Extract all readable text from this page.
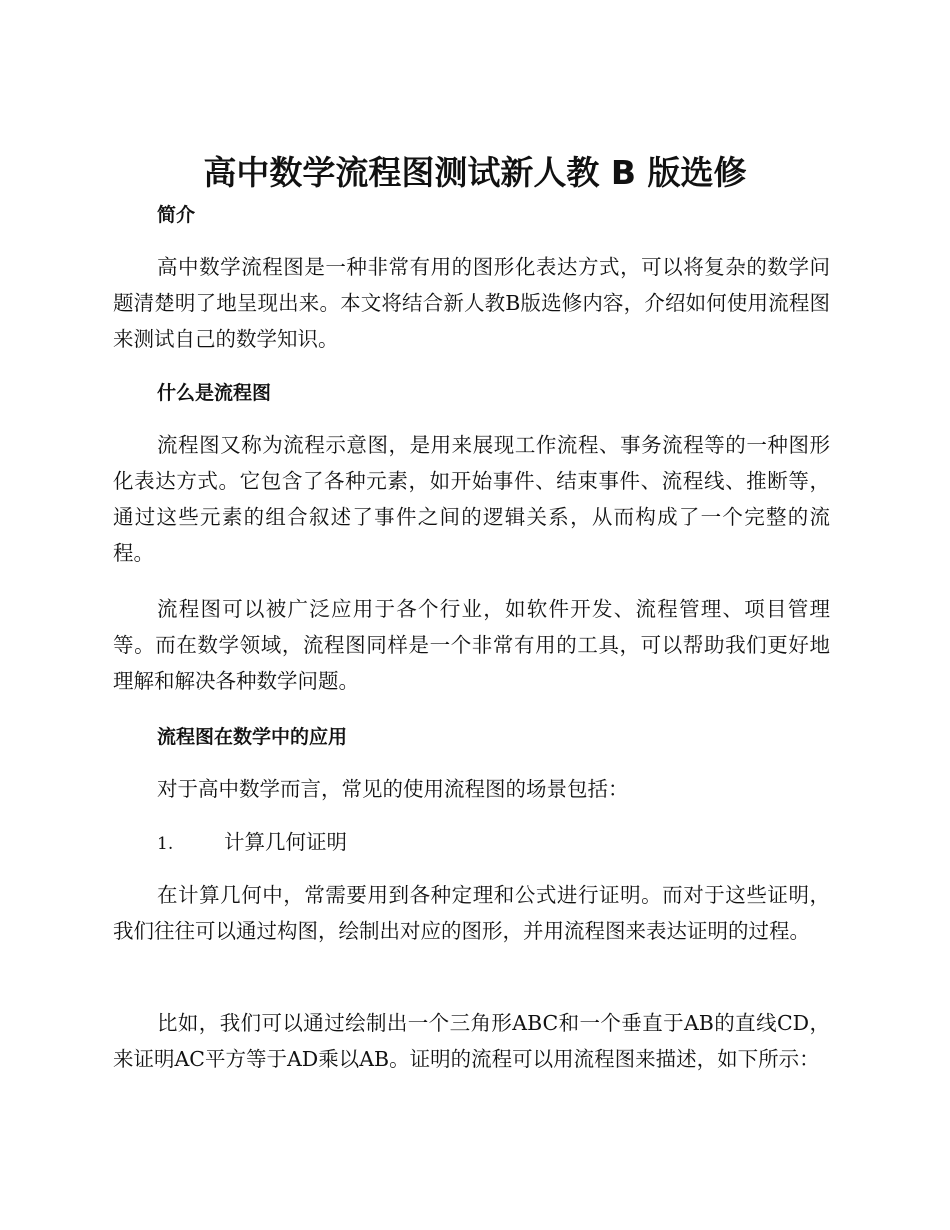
高中数学流程图测试新人教 B 版选修
简介
高中数学流程图是一种非常有用的图形化表达方式，可以将复杂的数学问题清楚明了地呈现出来。本文将结合新人教B版选修内容，介绍如何使用流程图来测试自己的数学知识。
什么是流程图
流程图又称为流程示意图，是用来展现工作流程、事务流程等的一种图形化表达方式。它包含了各种元素，如开始事件、结束事件、流程线、推断等，通过这些元素的组合叙述了事件之间的逻辑关系，从而构成了一个完整的流程。
流程图可以被广泛应用于各个行业，如软件开发、流程管理、项目管理等。而在数学领域，流程图同样是一个非常有用的工具，可以帮助我们更好地理解和解决各种数学问题。
流程图在数学中的应用
对于高中数学而言，常见的使用流程图的场景包括：
1. 计算几何证明
在计算几何中，常需要用到各种定理和公式进行证明。而对于这些证明，我们往往可以通过构图，绘制出对应的图形，并用流程图来表达证明的过程。
比如，我们可以通过绘制出一个三角形ABC和一个垂直于AB的直线CD，来证明AC平方等于AD乘以AB。证明的流程可以用流程图来描述，如下所示：
